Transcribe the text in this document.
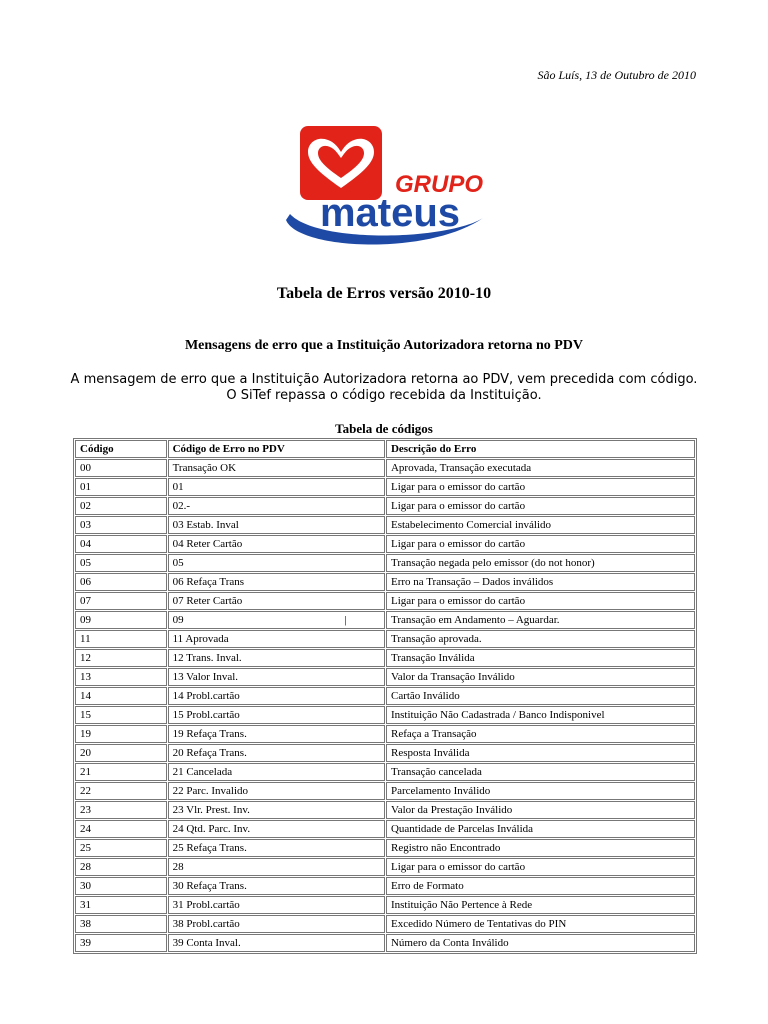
São Luís, 13 de Outubro de 2010
GRUPO
mateus
Tabela de Erros versão 2010-10
Mensagens de erro que a Instituição Autorizadora retorna no PDV
A mensagem de erro que a Instituição Autorizadora retorna ao PDV, vem precedida com código.
O SiTef repassa o código recebida da Instituição.
Tabela de códigos
Código	Código de Erro no PDV	Descrição do Erro
00	Transação OK	Aprovada, Transação executada
01	01	Ligar para o emissor do cartão
02	02.-	Ligar para o emissor do cartão
03	03 Estab. Inval	Estabelecimento Comercial inválido
04	04 Reter Cartão	Ligar para o emissor do cartão
05	05	Transação negada pelo emissor (do not honor)
06	06 Refaça Trans	Erro na Transação – Dados inválidos
07	07 Reter Cartão	Ligar para o emissor do cartão
09	09 |	Transação em Andamento – Aguardar.
11	11 Aprovada	Transação aprovada.
12	12 Trans. Inval.	Transação Inválida
13	13 Valor Inval.	Valor da Transação Inválido
14	14 Probl.cartão	Cartão Inválido
15	15 Probl.cartão	Instituição Não Cadastrada / Banco Indisponivel
19	19 Refaça Trans.	Refaça a Transação
20	20 Refaça Trans.	Resposta Inválida
21	21 Cancelada	Transação cancelada
22	22 Parc. Invalido	Parcelamento Inválido
23	23 Vlr. Prest. Inv.	Valor da Prestação Inválido
24	24 Qtd. Parc. Inv.	Quantidade de Parcelas Inválida
25	25 Refaça Trans.	Registro não Encontrado
28	28	Ligar para o emissor do cartão
30	30 Refaça Trans.	Erro de Formato
31	31 Probl.cartão	Instituição Não Pertence à Rede
38	38 Probl.cartão	Excedido Número de Tentativas do PIN
39	39 Conta Inval.	Número da Conta Inválido
